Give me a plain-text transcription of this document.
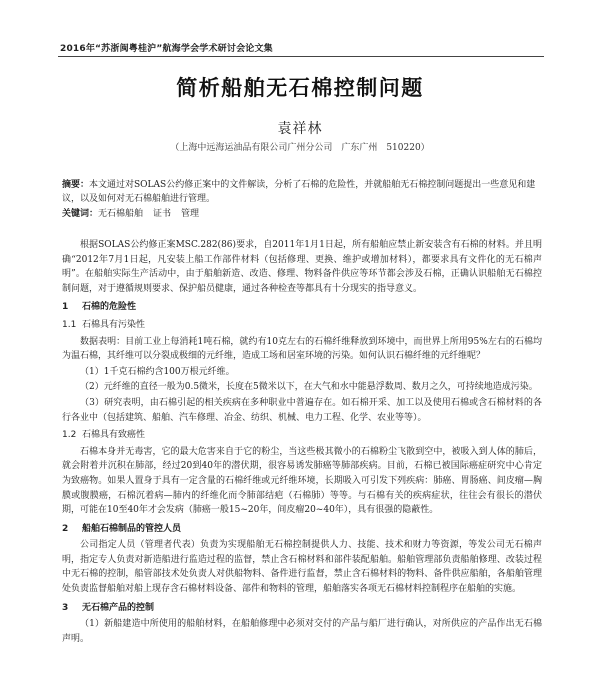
2016年“苏浙闽粤桂沪”航海学会学术研讨会论文集
简析船舶无石棉控制问题
袁祥林
（上海中远海运油品有限公司广州分公司　广东广州　510220）

摘要：本文通过对SOLAS公约修正案中的文件解读，分析了石棉的危险性，并就船舶无石棉控制问题提出一些意见和建议，以及如何对无石棉船舶进行管理。

关键词：无石棉船舶 证书 管理

根据SOLAS公约修正案MSC.282(86)要求，自2011年1月1日起，所有船舶应禁止新安装含有石棉的材料。并且明确“2012年7月1日起，凡安装上船工作部件材料（包括修理、更换、维护或增加材料），都要求具有文件化的无石棉声明”。在船舶实际生产活动中，由于船舶新造、改造、修理、物料备件供应等环节都会涉及石棉，正确认识船舶无石棉控制问题，对于遵循规则要求、保护船员健康，通过各种检查等都具有十分现实的指导意义。

1 石棉的危险性
1.1 石棉具有污染性

数据表明：目前工业上每消耗1吨石棉，就约有10克左右的石棉纤维释放到环境中，而世界上所用95%左右的石棉均为温石棉，其纤维可以分裂成极细的元纤维，造成工场和居室环境的污染。如何认识石棉纤维的元纤维呢？

（1）1千克石棉约含100万根元纤维。

（2）元纤维的直径一般为0.5微米，长度在5微米以下，在大气和水中能悬浮数周、数月之久，可持续地造成污染。

（3）研究表明，由石棉引起的相关疾病在多种职业中普遍存在。如石棉开采、加工以及使用石棉或含石棉材料的各行各业中（包括建筑、船舶、汽车修理、冶金、纺织、机械、电力工程、化学、农业等等）。

1.2 石棉具有致癌性

石棉本身并无毒害，它的最大危害来自于它的粉尘，当这些极其微小的石棉粉尘飞散到空中，被吸入到人体的肺后，就会附着并沉积在肺部，经过20到40年的潜伏期，很容易诱发肺癌等肺部疾病。目前，石棉已被国际癌症研究中心肯定为致癌物。如果人置身于具有一定含量的石棉纤维或元纤维环境，长期吸入可引发下列疾病：肺癌、胃肠癌、间皮瘤—胸膜或腹膜癌，石棉沉着病—肺内的纤维化而令肺部结疤（石棉肺）等等。与石棉有关的疾病症状，往往会有很长的潜伏期，可能在10至40年才会发病（肺癌一般15~20年，间皮瘤20~40年），具有很强的隐蔽性。

2 船舶石棉制品的管控人员

公司指定人员（管理者代表）负责为实现船舶无石棉控制提供人力、技能、技术和财力等资源，等发公司无石棉声明，指定专人负责对新造船进行监造过程的监督，禁止含石棉材料和部件装配船舶。船舶管理部负责船舶修理、改装过程中无石棉的控制，船管部技术处负责人对供船物料、备件进行监督，禁止含石棉材料的物料、备件供应船舶，各船舶管理处负责监督船舶对船上现存含石棉材料设备、部件和物料的管理，船舶落实各项无石棉材料控制程序在船舶的实施。

3 无石棉产品的控制

（1）新船建造中所使用的船舶材料，在船舶修理中必须对交付的产品与船厂进行确认，对所供应的产品作出无石棉声明。
